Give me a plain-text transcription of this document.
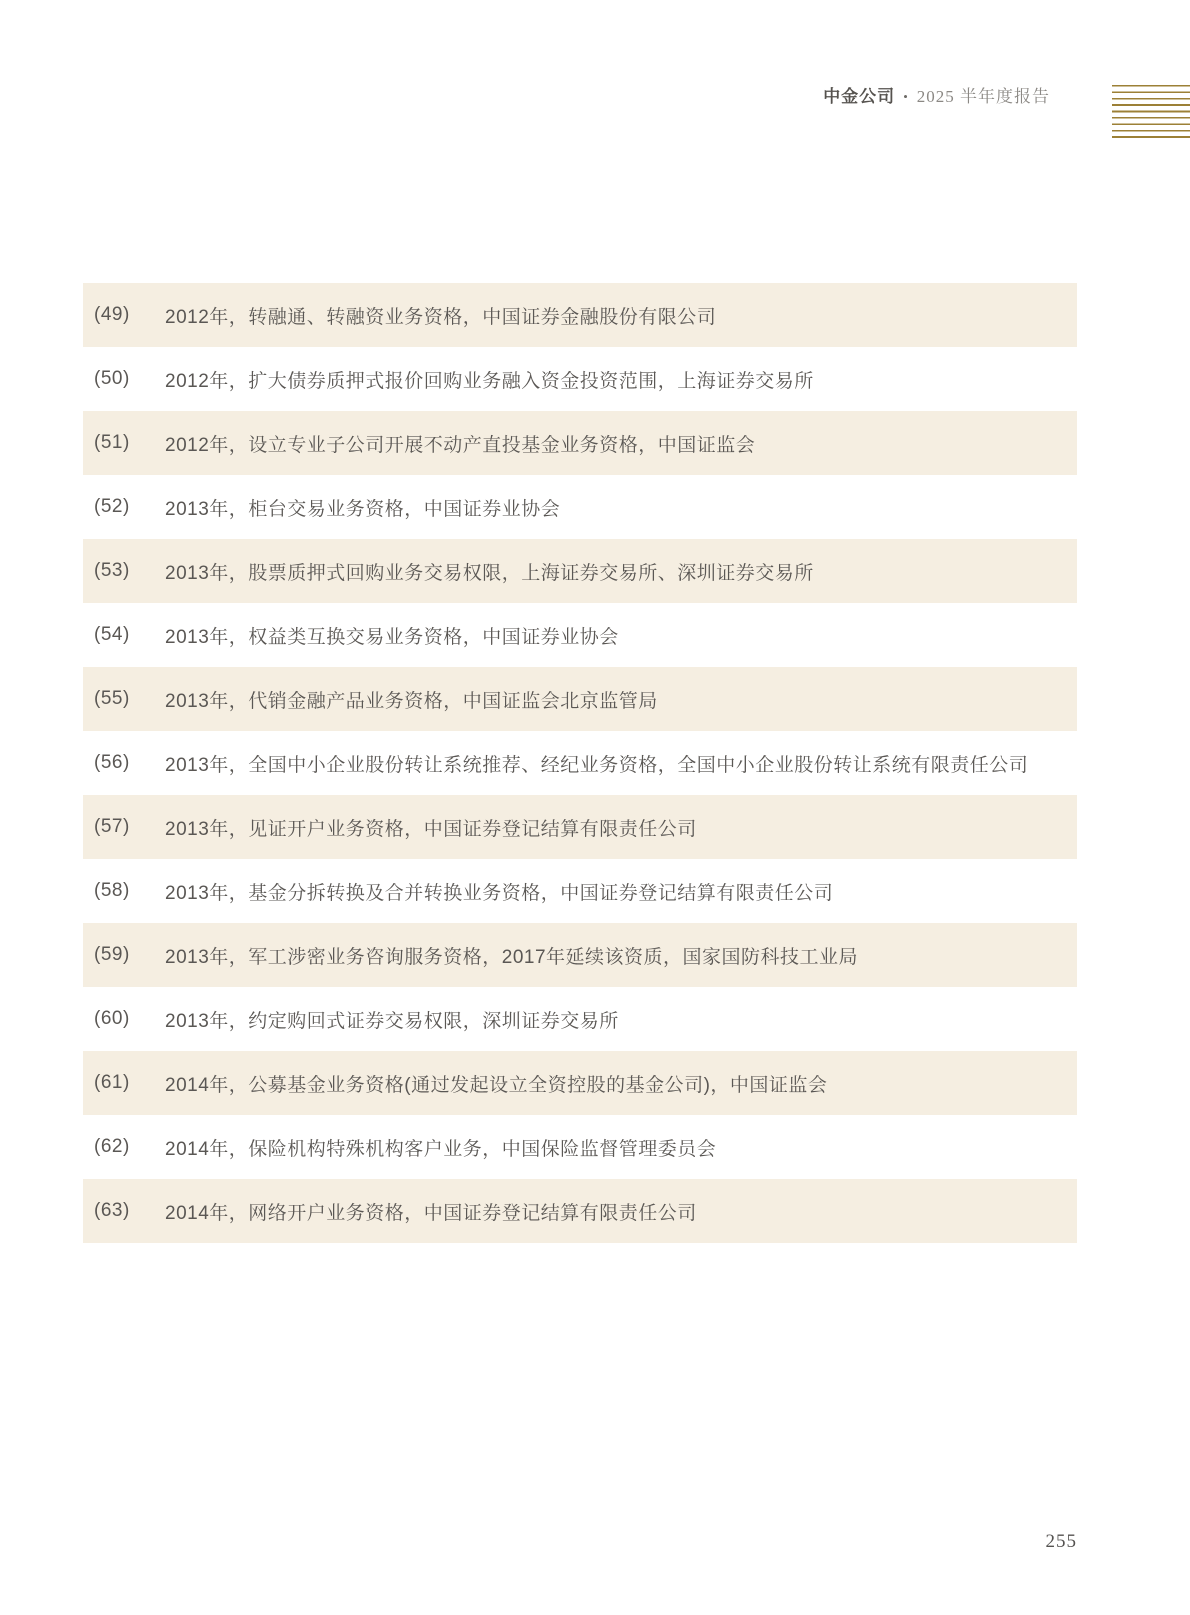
中金公司 • 2025 半年度报告
(49)	2012年，转融通、转融资业务资格，中国证券金融股份有限公司
(50)	2012年，扩大债券质押式报价回购业务融入资金投资范围，上海证券交易所
(51)	2012年，设立专业子公司开展不动产直投基金业务资格，中国证监会
(52)	2013年，柜台交易业务资格，中国证券业协会
(53)	2013年，股票质押式回购业务交易权限，上海证券交易所、深圳证券交易所
(54)	2013年，权益类互换交易业务资格，中国证券业协会
(55)	2013年，代销金融产品业务资格，中国证监会北京监管局
(56)	2013年，全国中小企业股份转让系统推荐、经纪业务资格，全国中小企业股份转让系统有限责任公司
(57)	2013年，见证开户业务资格，中国证券登记结算有限责任公司
(58)	2013年，基金分拆转换及合并转换业务资格，中国证券登记结算有限责任公司
(59)	2013年，军工涉密业务咨询服务资格，2017年延续该资质，国家国防科技工业局
(60)	2013年，约定购回式证券交易权限，深圳证券交易所
(61)	2014年，公募基金业务资格(通过发起设立全资控股的基金公司)，中国证监会
(62)	2014年，保险机构特殊机构客户业务，中国保险监督管理委员会
(63)	2014年，网络开户业务资格，中国证券登记结算有限责任公司
255
